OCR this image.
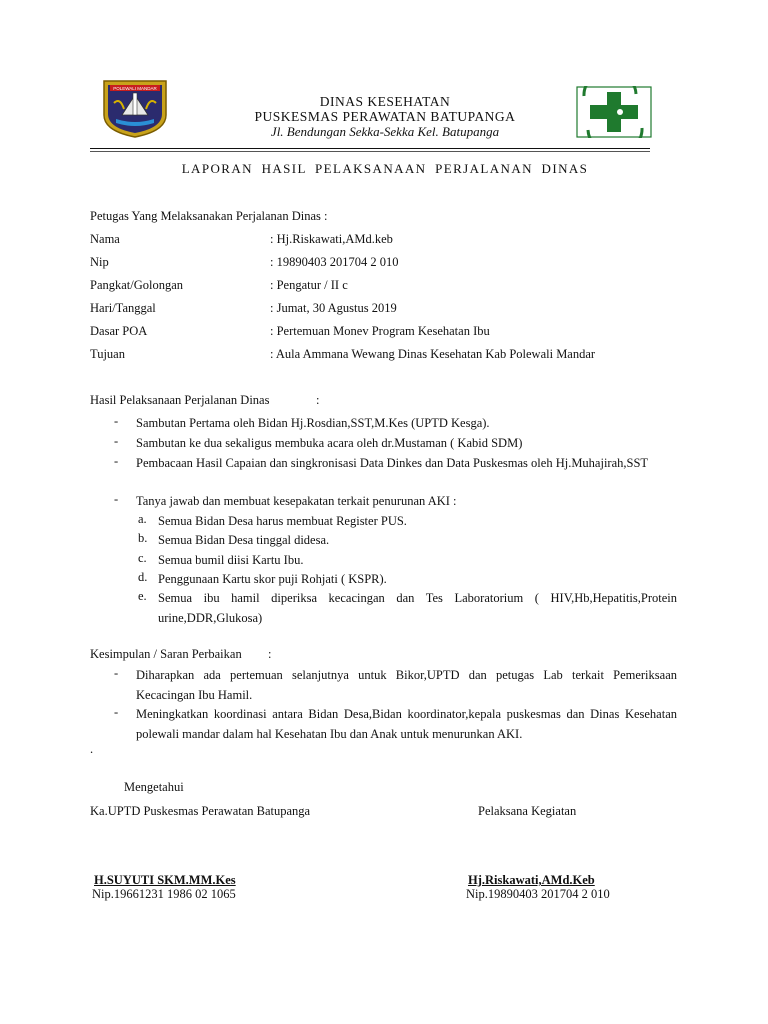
POLEWALI MANDAR
DINAS KESEHATAN
PUSKESMAS PERAWATAN BATUPANGA
Jl. Bendungan Sekka-Sekka Kel. Batupanga
LAPORAN HASIL PELAKSANAAN PERJALANAN DINAS
Petugas Yang Melaksanakan Perjalanan Dinas :
Nama	: Hj.Riskawati,AMd.keb
Nip	: 19890403 201704 2 010
Pangkat/Golongan	: Pengatur / II c
Hari/Tanggal	: Jumat, 30 Agustus 2019
Dasar POA	: Pertemuan Monev Program Kesehatan Ibu
Tujuan	: Aula Ammana Wewang Dinas Kesehatan Kab Polewali Mandar
Hasil Pelaksanaan Perjalanan Dinas	:
- Sambutan Pertama oleh Bidan Hj.Rosdian,SST,M.Kes (UPTD Kesga).
- Sambutan ke dua sekaligus membuka acara oleh dr.Mustaman ( Kabid SDM)
- Pembacaan Hasil Capaian dan singkronisasi Data Dinkes dan Data Puskesmas oleh Hj.Muhajirah,SST
- Tanya jawab dan membuat kesepakatan terkait penurunan AKI :
a. Semua Bidan Desa harus membuat Register PUS.
b. Semua Bidan Desa tinggal didesa.
c. Semua bumil diisi Kartu Ibu.
d. Penggunaan Kartu skor puji Rohjati ( KSPR).
e. Semua ibu hamil diperiksa kecacingan dan Tes Laboratorium ( HIV,Hb,Hepatitis,Protein urine,DDR,Glukosa)
Kesimpulan / Saran Perbaikan :
- Diharapkan ada pertemuan selanjutnya untuk Bikor,UPTD dan petugas Lab terkait Pemeriksaan Kecacingan Ibu Hamil.
- Meningkatkan koordinasi antara Bidan Desa,Bidan koordinator,kepala puskesmas dan Dinas Kesehatan polewali mandar dalam hal Kesehatan Ibu dan Anak untuk menurunkan AKI.
.
Mengetahui
Ka.UPTD Puskesmas Perawatan Batupanga	Pelaksana Kegiatan
H.SUYUTI SKM.MM.Kes
Nip.19661231 1986 02 1065
Hj.Riskawati,AMd.Keb
Nip.19890403 201704 2 010
